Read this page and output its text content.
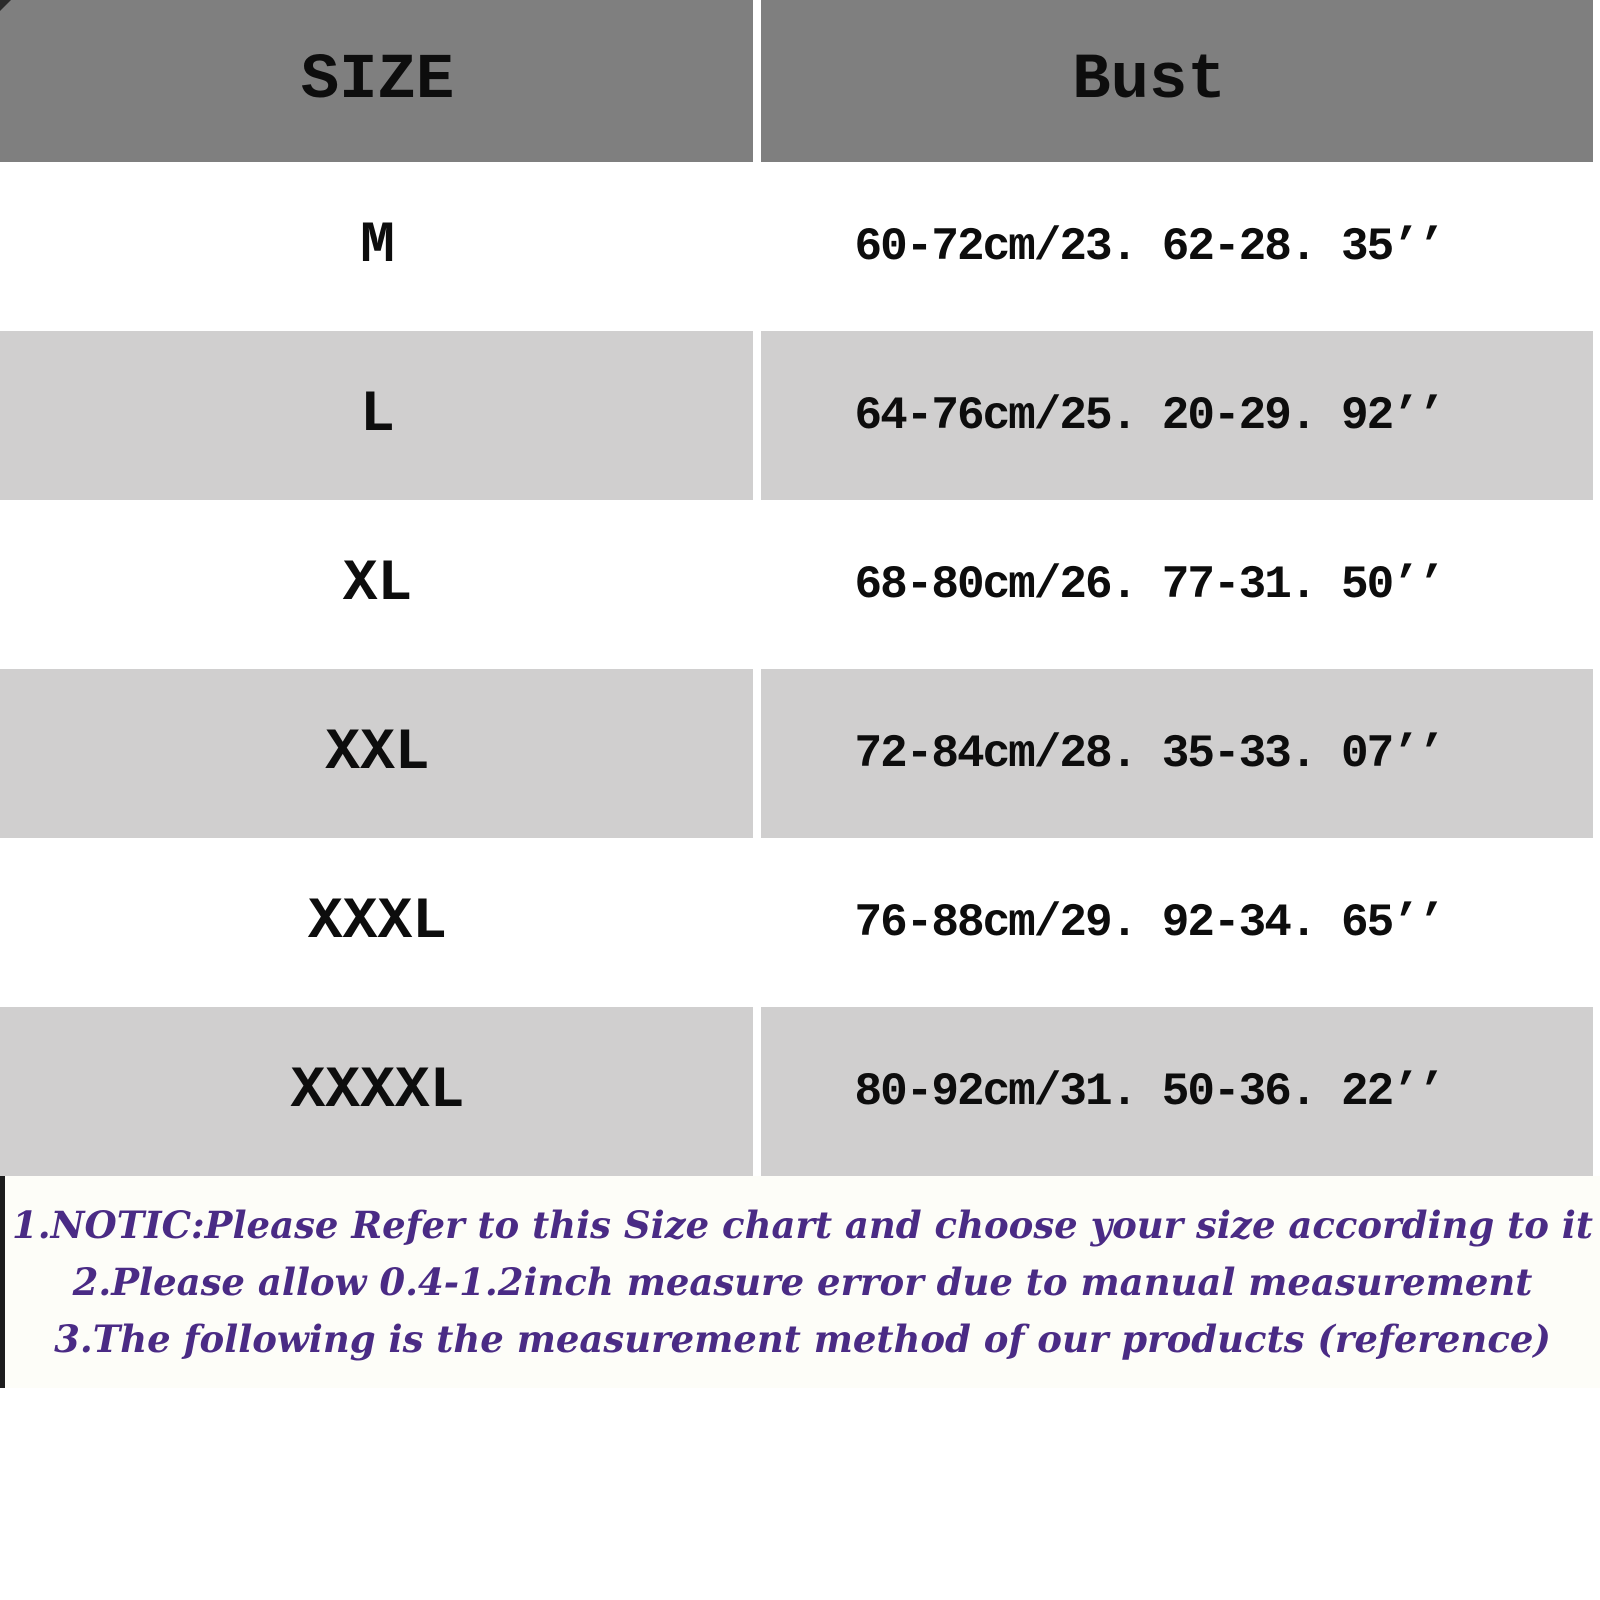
SIZE	Bust
M	60-72cm/23. 62-28. 35’’
L	64-76cm/25. 20-29. 92’’
XL	68-80cm/26. 77-31. 50’’
XXL	72-84cm/28. 35-33. 07’’
XXXL	76-88cm/29. 92-34. 65’’
XXXXL	80-92cm/31. 50-36. 22’’
1.NOTIC:Please Refer to this Size chart and choose your size according to it
2.Please allow 0.4-1.2inch measure error due to manual measurement
3.The following is the measurement method of our products (reference)
